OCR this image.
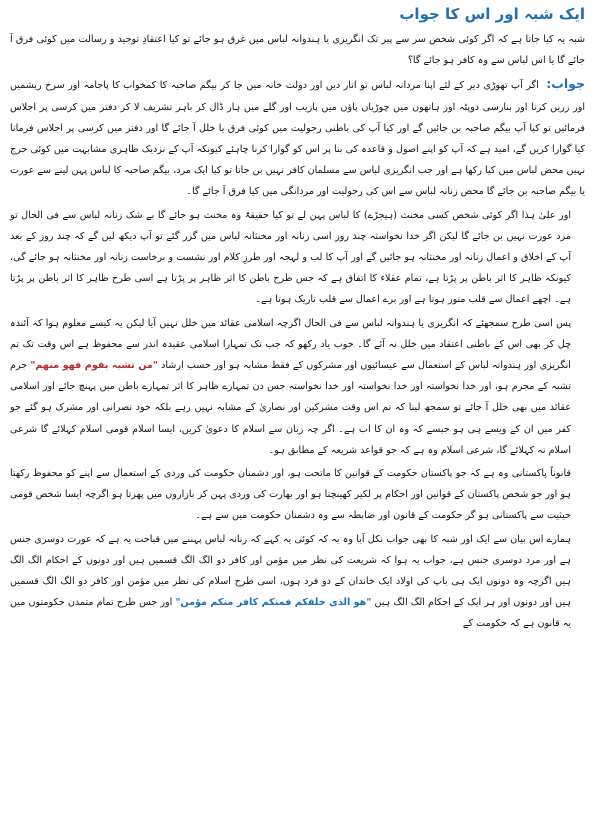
ایک شبہ اور اس کا جواب

شبہ یہ کیا جاتا ہے کہ اگر کوئی شخص سر سے پیر تک انگریزی یا ہندوانہ لباس میں غرق ہو جائے تو کیا اعتقادِ توحید و رسالت میں کوئی فرق آ جائے گا یا اس لباس سے وہ کافر ہو جائے گا؟

جواب: اگر آپ تھوڑی دیر کے لئے اپنا مردانہ لباس تو اتار دیں اور دولت خانہ میں جا کر بیگم صاحبہ کا کمخواب کا پاجامہ اور سرخ ریشمیں اور زریں کرتا اور بنارسی دوپٹہ اور ہاتھوں میں چوڑیاں پاؤں میں پازیب اور گلے میں ہار ڈال کر باہر تشریف لا کر دفتر میں کرسی پر اجلاس فرمائیں تو کیا آپ بیگم صاحبہ بن جائیں گے اور کیا آپ کی باطنی رجولیت میں کوئی فرق یا خلل آ جائے گا اور دفتر میں کرسی پر اجلاس فرمانا کیا گوارا کریں گے، امید ہے کہ آپ کو اپنے اصول و قاعدہ کی بنا پر اس کو گوارا کرنا چاہئے کیونکہ آپ کے نزدیک ظاہری مشابہت میں کوئی حرج نہیں محض لباس میں کیا رکھا ہے اور جب انگریزی لباس سے مسلمان کافر نہیں بن جاتا تو کیا ایک مرد، بیگم صاحبہ کا لباس پہن لینے سے عورت یا بیگم صاحبہ بن جائے گا محض زنانہ لباس سے اس کی رجولیت اور مردانگی میں کیا فرق آ جائے گا۔

اور علیٰ ہذا اگر کوئی شخص کسی مخنث (ہیجڑے) کا لباس پہن لے تو کیا حقیقۃً وہ مخنث ہو جائے گا بے شک زنانہ لباس سے فی الحال تو مرد عورت نہیں بن جائے گا لیکن اگر خدا نخواستہ چند روز اسی زنانہ اور مخنثانہ لباس میں گزر گئے تو آپ دیکھ لیں گے کہ چند روز کے بعد آپ کے اخلاق و اعمال زنانہ اور مخنثانہ ہو جائیں گے اور آپ کا لب و لہجہ اور طرزِ کلام اور نشست و برخاست زنانہ اور مخنثانہ ہو جائے گی، کیونکہ ظاہر کا اثر باطن پر پڑتا ہے، تمام عقلاء کا اتفاق ہے کہ جس طرح باطن کا اثر ظاہر پر پڑتا ہے اسی طرح ظاہر کا اثر باطن پر پڑتا ہے۔ اچھے اعمال سے قلب منور ہوتا ہے اور برے اعمال سے قلب تاریک ہوتا ہے۔

پس اسی طرح سمجھئے کہ انگریزی یا ہندوانہ لباس سے فی الحال اگرچہ اسلامی عقائد میں خلل نہیں آیا لیکن یہ کیسے معلوم ہوا کہ آئندہ چل کر بھی اس کے باطنی اعتقاد میں خلل نہ آئے گا۔ خوب یاد رکھو کہ جب تک تمہارا اسلامی عقیدہ اندر سے محفوظ ہے اس وقت تک تم انگریزی اور ہندوانہ لباس کے استعمال سے عیسائیوں اور مشرکوں کے فقط مشابہ ہو اور حسب ارشاد "من تشبہ بقوم فھو منھم" جرم تشبہ کے مجرم ہو، اور خدا نخواستہ اور خدا نخواستہ اور خدا نخواستہ جس دن تمہارے ظاہر کا اثر تمہارے باطن میں پہنچ جائے اور اسلامی عقائد میں بھی خلل آ جائے تو سمجھ لینا کہ تم اس وقت مشرکین اور نصاریٰ کے مشابہ نہیں رہے بلکہ خود نصرانی اور مشرک ہو گئے جو کفر میں ان کے ویسے ہی ہو جیسے کہ وہ ان کا اب ہے۔ اگر چہ زبان سے اسلام کا دعویٰ کریں، ایسا اسلام قومی اسلام کہلائے گا شرعی اسلام نہ کہلائے گا، شرعی اسلام وہ ہے کہ جو قواعد شریعہ کے مطابق ہو۔

قانوناً پاکستانی وہ ہے کہ جو پاکستان حکومت کے قوانین کا ماتحت ہو، اور دشمنان حکومت کی وردی کے استعمال سے اپنے کو محفوظ رکھتا ہو اور جو شخص پاکستان کے قوانین اور احکام پر لکیر کھینچتا ہو اور بھارت کی وردی پہن کر بازاروں میں پھرتا ہو اگرچہ ایسا شخص قومی حیثیت سے پاکستانی ہو گر حکومت کے قانون اور ضابطہ سے وہ دشمنان حکومت میں سے ہے۔

ہمارے اس بیان سے ایک اور شبہ کا بھی جواب نکل آیا وہ یہ کہ کوئی یہ کہے کہ زنانہ لباس پہننے میں قباحت یہ ہے کہ عورت دوسری جنس ہے اور مرد دوسری جنس ہے، جواب یہ ہوا کہ شریعت کی نظر میں مؤمن اور کافر دو الگ الگ قسمیں ہیں اور دونوں کے احکام الگ الگ ہیں اگرچہ وہ دونوں ایک ہی باپ کی اولاد ایک خاندان کے دو فرد ہوں، اسی طرح اسلام کی نظر میں مؤمن اور کافر دو الگ الگ قسمیں ہیں اور دونوں اور ہر ایک کے احکام الگ الگ ہیں "ھو الذی خلقکم فمنکم کافر منکم مؤمن" اور جس طرح تمام متمدن حکومتوں میں یہ قانون ہے کہ حکومت کے
